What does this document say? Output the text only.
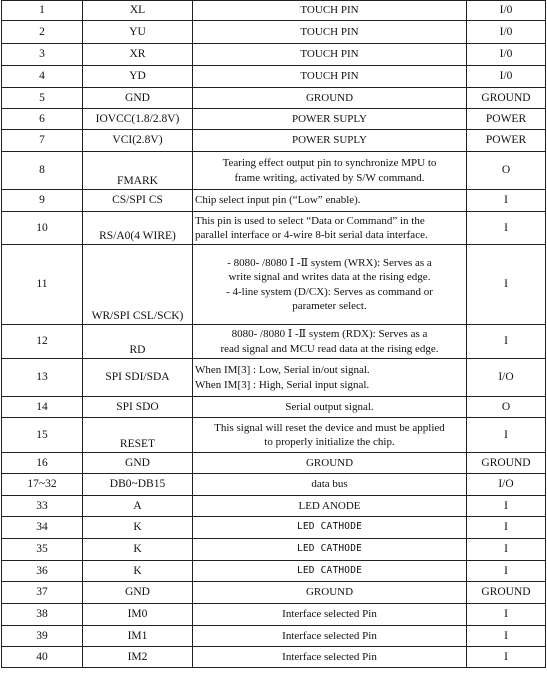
1	XL	TOUCH PIN	I/0
2	YU	TOUCH PIN	I/0
3	XR	TOUCH PIN	I/0
4	YD	TOUCH PIN	I/0
5	GND	GROUND	GROUND
6	IOVCC(1.8/2.8V)	POWER SUPLY	POWER
7	VCI(2.8V)	POWER SUPLY	POWER
8	FMARK	Tearing effect output pin to synchronize MPU to
frame writing, activated by S/W command.	O
9	CS/SPI CS	Chip select input pin (“Low” enable).	I
10	RS/A0(4 WIRE)	This pin is used to select “Data or Command” in the
parallel interface or 4-wire 8-bit serial data interface.	I
11	WR/SPI CSL/SCK)	- 8080- /8080 Ⅰ -Ⅱ system (WRX): Serves as a
write signal and writes data at the rising edge.
- 4-line system (D/CX): Serves as command or
parameter select.	I
12	RD	8080- /8080 Ⅰ -Ⅱ system (RDX): Serves as a
read signal and MCU read data at the rising edge.	I
13	SPI SDI/SDA	When IM[3] : Low, Serial in/out signal.
When IM[3] : High, Serial input signal.	I/O
14	SPI SDO	Serial output signal.	O
15	RESET	This signal will reset the device and must be applied
to properly initialize the chip.	I
16	GND	GROUND	GROUND
17~32	DB0~DB15	data bus	I/O
33	A	LED ANODE	I
34	K	LED CATHODE	I
35	K	LED CATHODE	I
36	K	LED CATHODE	I
37	GND	GROUND	GROUND
38	IM0	Interface selected Pin	I
39	IM1	Interface selected Pin	I
40	IM2	Interface selected Pin	I
